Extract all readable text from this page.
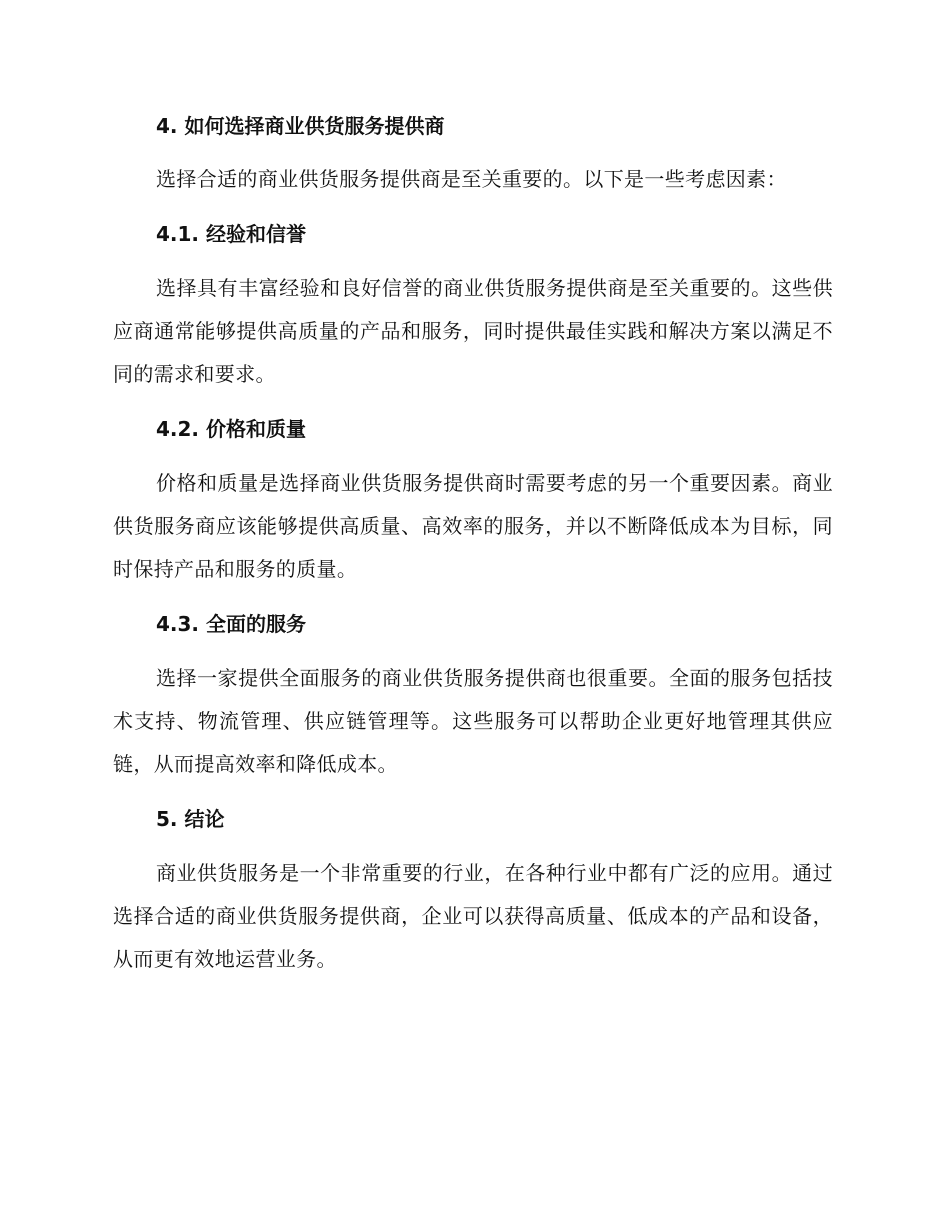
4. 如何选择商业供货服务提供商

选择合适的商业供货服务提供商是至关重要的。以下是一些考虑因素：

4.1. 经验和信誉

选择具有丰富经验和良好信誉的商业供货服务提供商是至关重要的。这些供应商通常能够提供高质量的产品和服务，同时提供最佳实践和解决方案以满足不同的需求和要求。

4.2. 价格和质量

价格和质量是选择商业供货服务提供商时需要考虑的另一个重要因素。商业供货服务商应该能够提供高质量、高效率的服务，并以不断降低成本为目标，同时保持产品和服务的质量。

4.3. 全面的服务

选择一家提供全面服务的商业供货服务提供商也很重要。全面的服务包括技术支持、物流管理、供应链管理等。这些服务可以帮助企业更好地管理其供应链，从而提高效率和降低成本。

5. 结论

商业供货服务是一个非常重要的行业，在各种行业中都有广泛的应用。通过选择合适的商业供货服务提供商，企业可以获得高质量、低成本的产品和设备，从而更有效地运营业务。
